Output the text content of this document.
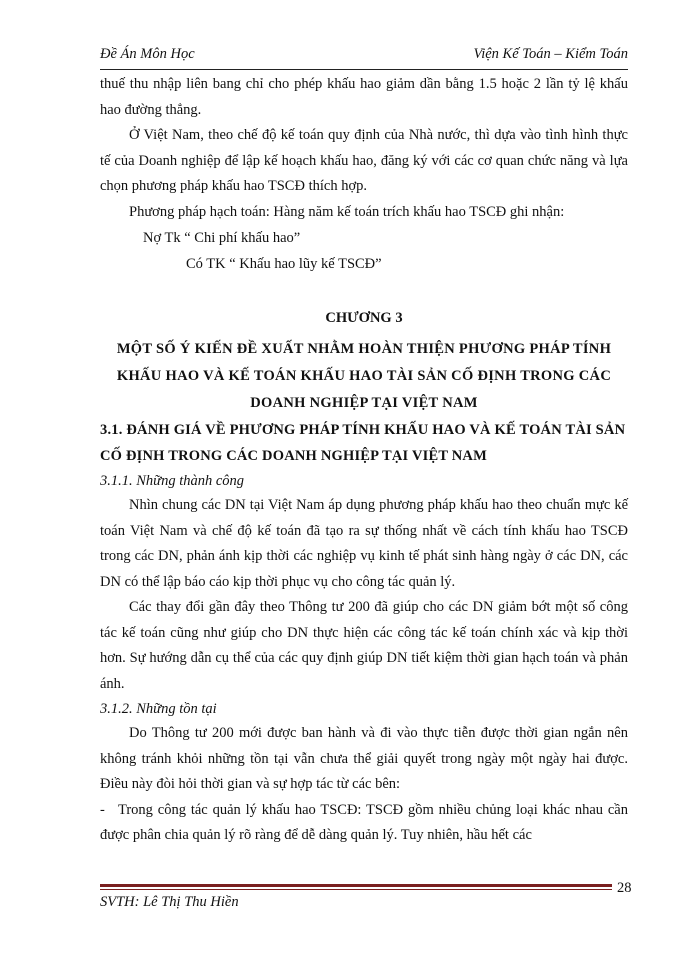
Đề Án Môn Học	Viện Kế Toán – Kiểm Toán

thuế thu nhập liên bang chỉ cho phép khấu hao giảm dần bằng 1.5 hoặc 2 lần tỷ lệ khấu hao đường thẳng.

Ở Việt Nam, theo chế độ kế toán quy định của Nhà nước, thì dựa vào tình hình thực tế của Doanh nghiệp để lập kế hoạch khấu hao, đăng ký với các cơ quan chức năng và lựa chọn phương pháp khấu hao TSCĐ thích hợp.

Phương pháp hạch toán: Hàng năm kế toán trích khấu hao TSCĐ ghi nhận:

Nợ Tk “ Chi phí khấu hao”

Có TK “ Khấu hao lũy kế TSCĐ”

CHƯƠNG 3

MỘT SỐ Ý KIẾN ĐỀ XUẤT NHẰM HOÀN THIỆN PHƯƠNG PHÁP TÍNH KHẤU HAO VÀ KẾ TOÁN KHẤU HAO TÀI SẢN CỐ ĐỊNH TRONG CÁC DOANH NGHIỆP TẠI VIỆT NAM

3.1. ĐÁNH GIÁ VỀ PHƯƠNG PHÁP TÍNH KHẤU HAO VÀ KẾ TOÁN TÀI SẢN CỐ ĐỊNH TRONG CÁC DOANH NGHIỆP TẠI VIỆT NAM

3.1.1. Những thành công

Nhìn chung các DN tại Việt Nam áp dụng phương pháp khấu hao theo chuẩn mực kế toán Việt Nam và chế độ kế toán đã tạo ra sự thống nhất về cách tính khấu hao TSCĐ trong các DN, phản ánh kịp thời các nghiệp vụ kinh tế phát sinh hàng ngày ở các DN, các DN có thể lập báo cáo kịp thời phục vụ cho công tác quản lý.

Các thay đổi gần đây theo Thông tư 200 đã giúp cho các DN giảm bớt một số công tác kế toán cũng như giúp cho DN thực hiện các công tác kế toán chính xác và kịp thời hơn. Sự hướng dẫn cụ thể của các quy định giúp DN tiết kiệm thời gian hạch toán và phản ánh.

3.1.2. Những tồn tại

Do Thông tư 200 mới được ban hành và đi vào thực tiễn được thời gian ngắn nên không tránh khỏi những tồn tại vẫn chưa thể giải quyết trong ngày một ngày hai được. Điều này đòi hỏi thời gian và sự hợp tác từ các bên:

- Trong công tác quản lý khấu hao TSCĐ: TSCĐ gồm nhiều chủng loại khác nhau cần được phân chia quản lý rõ ràng để dễ dàng quản lý. Tuy nhiên, hầu hết các

28
SVTH: Lê Thị Thu Hiền
